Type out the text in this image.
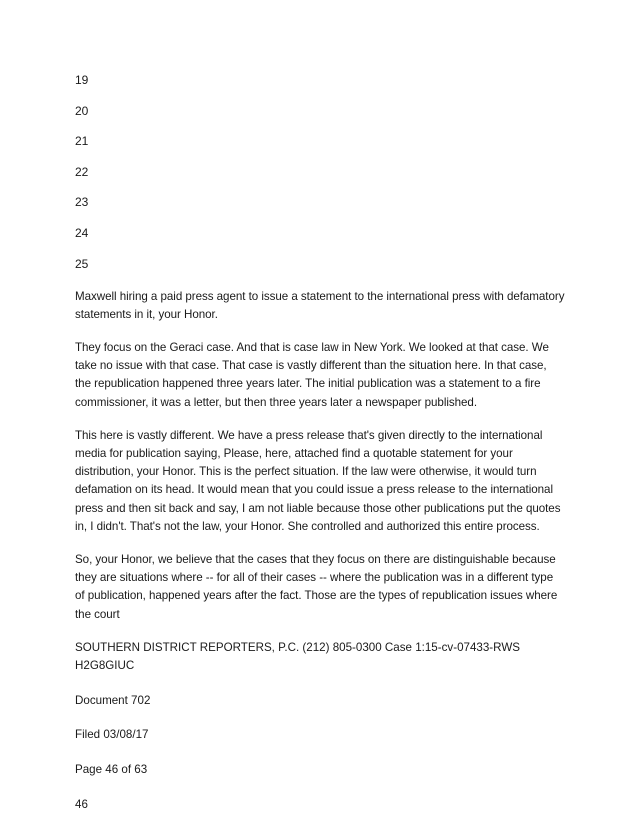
19
20
21
22
23
24
25

Maxwell hiring a paid press agent to issue a statement to the international press with defamatory statements in it, your Honor.

They focus on the Geraci case. And that is case law in New York. We looked at that case. We take no issue with that case. That case is vastly different than the situation here. In that case, the republication happened three years later. The initial publication was a statement to a fire commissioner, it was a letter, but then three years later a newspaper published.

This here is vastly different. We have a press release that's given directly to the international media for publication saying, Please, here, attached find a quotable statement for your distribution, your Honor. This is the perfect situation. If the law were otherwise, it would turn defamation on its head. It would mean that you could issue a press release to the international press and then sit back and say, I am not liable because those other publications put the quotes in, I didn't. That's not the law, your Honor. She controlled and authorized this entire process.

So, your Honor, we believe that the cases that they focus on there are distinguishable because they are situations where -- for all of their cases -- where the publication was in a different type of publication, happened years after the fact. Those are the types of republication issues where the court

SOUTHERN DISTRICT REPORTERS, P.C. (212) 805-0300 Case 1:15-cv-07433-RWS H2G8GIUC
Document 702
Filed 03/08/17
Page 46 of 63
46
